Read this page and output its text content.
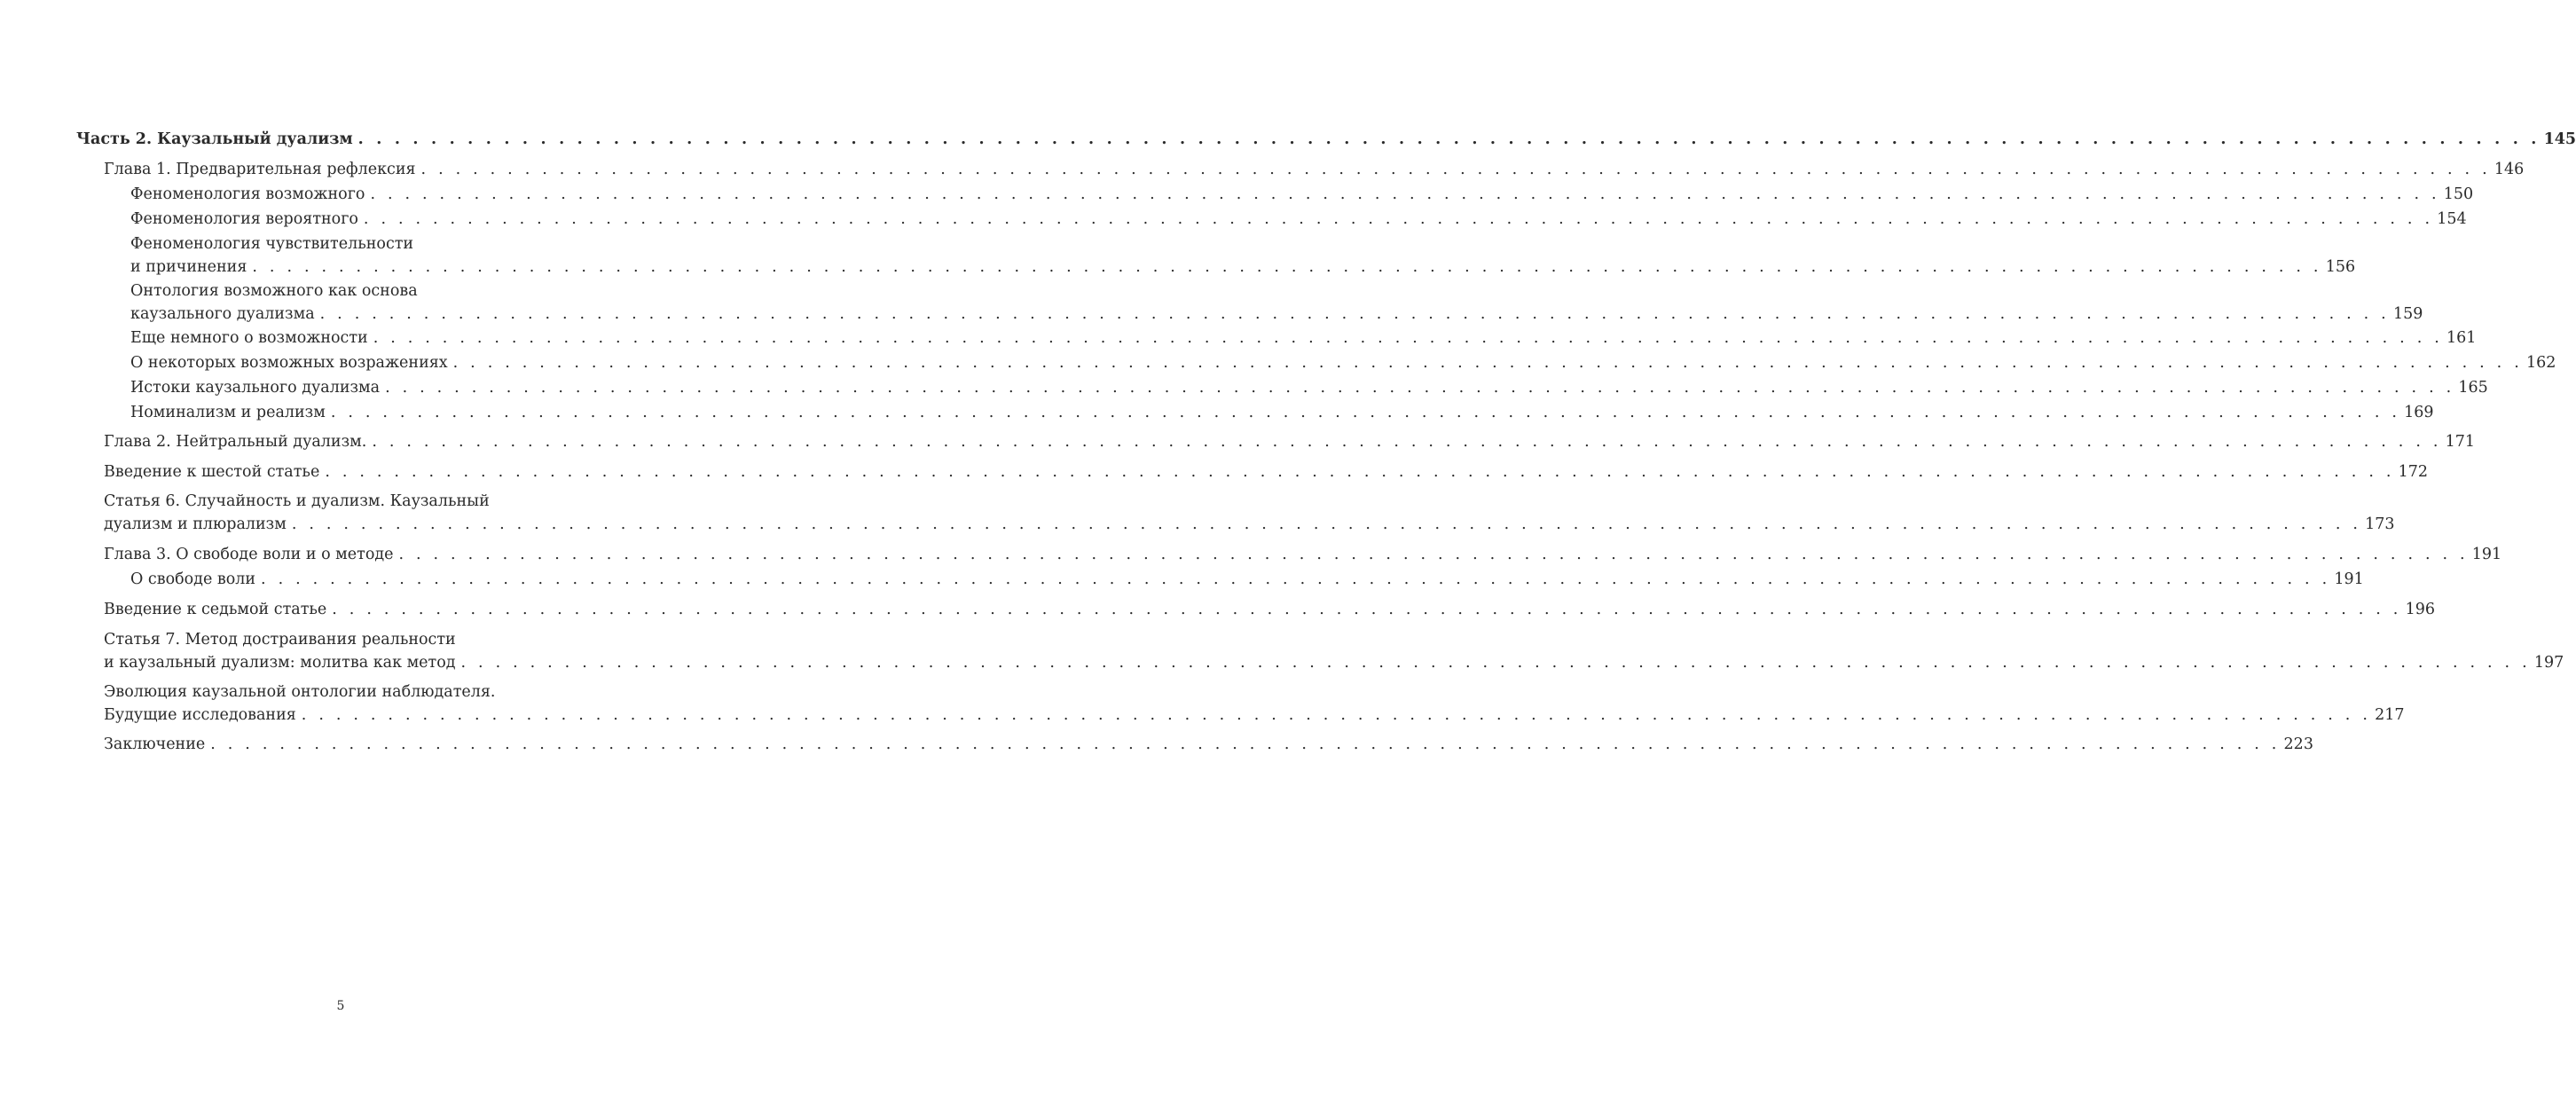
Часть 2. Каузальный дуализм . . . . . . . . . . . . . . . . . . . . . . . . . . . . . . . . . . . . . . . . . . . . . . . . . . . . . . . . . . . . . . . . . . . . . . . . . . . . . . . . . . . . . . . . . . . . . . . . . . . . . . . . . . . . . . . . . . . . . . . . 145
Глава 1. Предварительная рефлексия . . . . . . . . . . . . . . . . . . . . . . . . . . . . . . . . . . . . . . . . . . . . . . . . . . . . . . . . . . . . . . . . . . . . . . . . . . . . . . . . . . . . . . . . . . . . . . . . . . . . . . . . . . . . . . . . . . . . . . . . 146
Феноменология возможного . . . . . . . . . . . . . . . . . . . . . . . . . . . . . . . . . . . . . . . . . . . . . . . . . . . . . . . . . . . . . . . . . . . . . . . . . . . . . . . . . . . . . . . . . . . . . . . . . . . . . . . . . . . . . . . . . . . . . . . . 150
Феноменология вероятного . . . . . . . . . . . . . . . . . . . . . . . . . . . . . . . . . . . . . . . . . . . . . . . . . . . . . . . . . . . . . . . . . . . . . . . . . . . . . . . . . . . . . . . . . . . . . . . . . . . . . . . . . . . . . . . . . . . . . . . . 154
Феноменология чувствительности
и причинения . . . . . . . . . . . . . . . . . . . . . . . . . . . . . . . . . . . . . . . . . . . . . . . . . . . . . . . . . . . . . . . . . . . . . . . . . . . . . . . . . . . . . . . . . . . . . . . . . . . . . . . . . . . . . . . . . . . . . . . . 156
Онтология возможного как основа
каузального дуализма . . . . . . . . . . . . . . . . . . . . . . . . . . . . . . . . . . . . . . . . . . . . . . . . . . . . . . . . . . . . . . . . . . . . . . . . . . . . . . . . . . . . . . . . . . . . . . . . . . . . . . . . . . . . . . . . . . . . . . . . 159
Еще немного о возможности . . . . . . . . . . . . . . . . . . . . . . . . . . . . . . . . . . . . . . . . . . . . . . . . . . . . . . . . . . . . . . . . . . . . . . . . . . . . . . . . . . . . . . . . . . . . . . . . . . . . . . . . . . . . . . . . . . . . . . . . 161
О некоторых возможных возражениях . . . . . . . . . . . . . . . . . . . . . . . . . . . . . . . . . . . . . . . . . . . . . . . . . . . . . . . . . . . . . . . . . . . . . . . . . . . . . . . . . . . . . . . . . . . . . . . . . . . . . . . . . . . . . . . . . . . . . . . . 162
Истоки каузального дуализма . . . . . . . . . . . . . . . . . . . . . . . . . . . . . . . . . . . . . . . . . . . . . . . . . . . . . . . . . . . . . . . . . . . . . . . . . . . . . . . . . . . . . . . . . . . . . . . . . . . . . . . . . . . . . . . . . . . . . . . . 165
Номинализм и реализм . . . . . . . . . . . . . . . . . . . . . . . . . . . . . . . . . . . . . . . . . . . . . . . . . . . . . . . . . . . . . . . . . . . . . . . . . . . . . . . . . . . . . . . . . . . . . . . . . . . . . . . . . . . . . . . . . . . . . . . . 169
Глава 2. Нейтральный дуализм. . . . . . . . . . . . . . . . . . . . . . . . . . . . . . . . . . . . . . . . . . . . . . . . . . . . . . . . . . . . . . . . . . . . . . . . . . . . . . . . . . . . . . . . . . . . . . . . . . . . . . . . . . . . . . . . . . . . . . . . . 171
Введение к шестой статье . . . . . . . . . . . . . . . . . . . . . . . . . . . . . . . . . . . . . . . . . . . . . . . . . . . . . . . . . . . . . . . . . . . . . . . . . . . . . . . . . . . . . . . . . . . . . . . . . . . . . . . . . . . . . . . . . . . . . . . . 172
Статья 6. Случайность и дуализм. Каузальный
дуализм и плюрализм . . . . . . . . . . . . . . . . . . . . . . . . . . . . . . . . . . . . . . . . . . . . . . . . . . . . . . . . . . . . . . . . . . . . . . . . . . . . . . . . . . . . . . . . . . . . . . . . . . . . . . . . . . . . . . . . . . . . . . . . 173
Глава 3. О свободе воли и о методе . . . . . . . . . . . . . . . . . . . . . . . . . . . . . . . . . . . . . . . . . . . . . . . . . . . . . . . . . . . . . . . . . . . . . . . . . . . . . . . . . . . . . . . . . . . . . . . . . . . . . . . . . . . . . . . . . . . . . . . . 191
О свободе воли . . . . . . . . . . . . . . . . . . . . . . . . . . . . . . . . . . . . . . . . . . . . . . . . . . . . . . . . . . . . . . . . . . . . . . . . . . . . . . . . . . . . . . . . . . . . . . . . . . . . . . . . . . . . . . . . . . . . . . . . 191
Введение к седьмой статье . . . . . . . . . . . . . . . . . . . . . . . . . . . . . . . . . . . . . . . . . . . . . . . . . . . . . . . . . . . . . . . . . . . . . . . . . . . . . . . . . . . . . . . . . . . . . . . . . . . . . . . . . . . . . . . . . . . . . . . . 196
Статья 7. Метод достраивания реальности
и каузальный дуализм: молитва как метод . . . . . . . . . . . . . . . . . . . . . . . . . . . . . . . . . . . . . . . . . . . . . . . . . . . . . . . . . . . . . . . . . . . . . . . . . . . . . . . . . . . . . . . . . . . . . . . . . . . . . . . . . . . . . . . . . . . . . . . . 197
Эволюция каузальной онтологии наблюдателя.
Будущие исследования . . . . . . . . . . . . . . . . . . . . . . . . . . . . . . . . . . . . . . . . . . . . . . . . . . . . . . . . . . . . . . . . . . . . . . . . . . . . . . . . . . . . . . . . . . . . . . . . . . . . . . . . . . . . . . . . . . . . . . . . 217
Заключение . . . . . . . . . . . . . . . . . . . . . . . . . . . . . . . . . . . . . . . . . . . . . . . . . . . . . . . . . . . . . . . . . . . . . . . . . . . . . . . . . . . . . . . . . . . . . . . . . . . . . . . . . . . . . . . . . . . . . . . . 223
5
